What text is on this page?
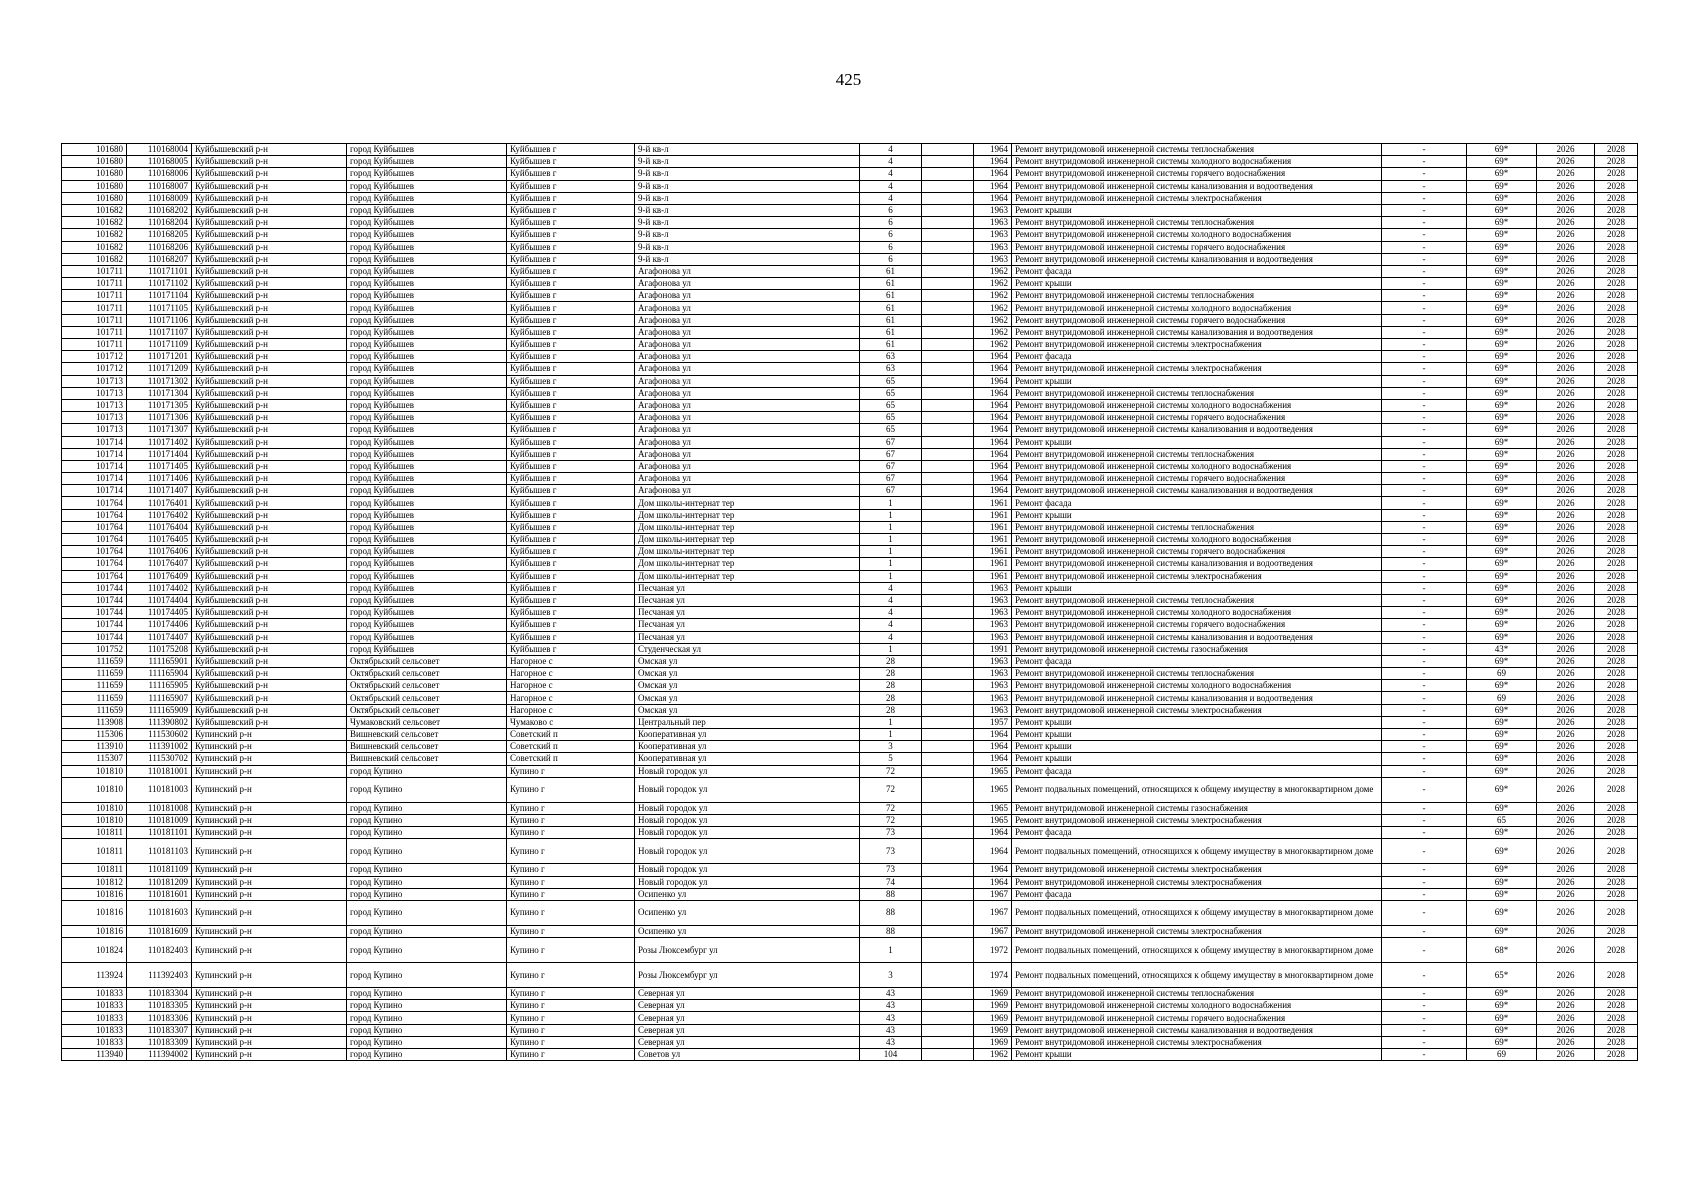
425
101680	110168004	Куйбышевский р-н	город Куйбышев	Куйбышев г	9-й кв-л	4		1964	Ремонт внутридомовой инженерной системы теплоснабжения	-	69*	2026	2028
101680	110168005	Куйбышевский р-н	город Куйбышев	Куйбышев г	9-й кв-л	4		1964	Ремонт внутридомовой инженерной системы холодного водоснабжения	-	69*	2026	2028
101680	110168006	Куйбышевский р-н	город Куйбышев	Куйбышев г	9-й кв-л	4		1964	Ремонт внутридомовой инженерной системы горячего водоснабжения	-	69*	2026	2028
101680	110168007	Куйбышевский р-н	город Куйбышев	Куйбышев г	9-й кв-л	4		1964	Ремонт внутридомовой инженерной системы канализования и водоотведения	-	69*	2026	2028
101680	110168009	Куйбышевский р-н	город Куйбышев	Куйбышев г	9-й кв-л	4		1964	Ремонт внутридомовой инженерной системы электроснабжения	-	69*	2026	2028
101682	110168202	Куйбышевский р-н	город Куйбышев	Куйбышев г	9-й кв-л	6		1963	Ремонт крыши	-	69*	2026	2028
101682	110168204	Куйбышевский р-н	город Куйбышев	Куйбышев г	9-й кв-л	6		1963	Ремонт внутридомовой инженерной системы теплоснабжения	-	69*	2026	2028
101682	110168205	Куйбышевский р-н	город Куйбышев	Куйбышев г	9-й кв-л	6		1963	Ремонт внутридомовой инженерной системы холодного водоснабжения	-	69*	2026	2028
101682	110168206	Куйбышевский р-н	город Куйбышев	Куйбышев г	9-й кв-л	6		1963	Ремонт внутридомовой инженерной системы горячего водоснабжения	-	69*	2026	2028
101682	110168207	Куйбышевский р-н	город Куйбышев	Куйбышев г	9-й кв-л	6		1963	Ремонт внутридомовой инженерной системы канализования и водоотведения	-	69*	2026	2028
101711	110171101	Куйбышевский р-н	город Куйбышев	Куйбышев г	Агафонова ул	61		1962	Ремонт фасада	-	69*	2026	2028
101711	110171102	Куйбышевский р-н	город Куйбышев	Куйбышев г	Агафонова ул	61		1962	Ремонт крыши	-	69*	2026	2028
101711	110171104	Куйбышевский р-н	город Куйбышев	Куйбышев г	Агафонова ул	61		1962	Ремонт внутридомовой инженерной системы теплоснабжения	-	69*	2026	2028
101711	110171105	Куйбышевский р-н	город Куйбышев	Куйбышев г	Агафонова ул	61		1962	Ремонт внутридомовой инженерной системы холодного водоснабжения	-	69*	2026	2028
101711	110171106	Куйбышевский р-н	город Куйбышев	Куйбышев г	Агафонова ул	61		1962	Ремонт внутридомовой инженерной системы горячего водоснабжения	-	69*	2026	2028
101711	110171107	Куйбышевский р-н	город Куйбышев	Куйбышев г	Агафонова ул	61		1962	Ремонт внутридомовой инженерной системы канализования и водоотведения	-	69*	2026	2028
101711	110171109	Куйбышевский р-н	город Куйбышев	Куйбышев г	Агафонова ул	61		1962	Ремонт внутридомовой инженерной системы электроснабжения	-	69*	2026	2028
101712	110171201	Куйбышевский р-н	город Куйбышев	Куйбышев г	Агафонова ул	63		1964	Ремонт фасада	-	69*	2026	2028
101712	110171209	Куйбышевский р-н	город Куйбышев	Куйбышев г	Агафонова ул	63		1964	Ремонт внутридомовой инженерной системы электроснабжения	-	69*	2026	2028
101713	110171302	Куйбышевский р-н	город Куйбышев	Куйбышев г	Агафонова ул	65		1964	Ремонт крыши	-	69*	2026	2028
101713	110171304	Куйбышевский р-н	город Куйбышев	Куйбышев г	Агафонова ул	65		1964	Ремонт внутридомовой инженерной системы теплоснабжения	-	69*	2026	2028
101713	110171305	Куйбышевский р-н	город Куйбышев	Куйбышев г	Агафонова ул	65		1964	Ремонт внутридомовой инженерной системы холодного водоснабжения	-	69*	2026	2028
101713	110171306	Куйбышевский р-н	город Куйбышев	Куйбышев г	Агафонова ул	65		1964	Ремонт внутридомовой инженерной системы горячего водоснабжения	-	69*	2026	2028
101713	110171307	Куйбышевский р-н	город Куйбышев	Куйбышев г	Агафонова ул	65		1964	Ремонт внутридомовой инженерной системы канализования и водоотведения	-	69*	2026	2028
101714	110171402	Куйбышевский р-н	город Куйбышев	Куйбышев г	Агафонова ул	67		1964	Ремонт крыши	-	69*	2026	2028
101714	110171404	Куйбышевский р-н	город Куйбышев	Куйбышев г	Агафонова ул	67		1964	Ремонт внутридомовой инженерной системы теплоснабжения	-	69*	2026	2028
101714	110171405	Куйбышевский р-н	город Куйбышев	Куйбышев г	Агафонова ул	67		1964	Ремонт внутридомовой инженерной системы холодного водоснабжения	-	69*	2026	2028
101714	110171406	Куйбышевский р-н	город Куйбышев	Куйбышев г	Агафонова ул	67		1964	Ремонт внутридомовой инженерной системы горячего водоснабжения	-	69*	2026	2028
101714	110171407	Куйбышевский р-н	город Куйбышев	Куйбышев г	Агафонова ул	67		1964	Ремонт внутридомовой инженерной системы канализования и водоотведения	-	69*	2026	2028
101764	110176401	Куйбышевский р-н	город Куйбышев	Куйбышев г	Дом школы-интернат тер	1		1961	Ремонт фасада	-	69*	2026	2028
101764	110176402	Куйбышевский р-н	город Куйбышев	Куйбышев г	Дом школы-интернат тер	1		1961	Ремонт крыши	-	69*	2026	2028
101764	110176404	Куйбышевский р-н	город Куйбышев	Куйбышев г	Дом школы-интернат тер	1		1961	Ремонт внутридомовой инженерной системы теплоснабжения	-	69*	2026	2028
101764	110176405	Куйбышевский р-н	город Куйбышев	Куйбышев г	Дом школы-интернат тер	1		1961	Ремонт внутридомовой инженерной системы холодного водоснабжения	-	69*	2026	2028
101764	110176406	Куйбышевский р-н	город Куйбышев	Куйбышев г	Дом школы-интернат тер	1		1961	Ремонт внутридомовой инженерной системы горячего водоснабжения	-	69*	2026	2028
101764	110176407	Куйбышевский р-н	город Куйбышев	Куйбышев г	Дом школы-интернат тер	1		1961	Ремонт внутридомовой инженерной системы канализования и водоотведения	-	69*	2026	2028
101764	110176409	Куйбышевский р-н	город Куйбышев	Куйбышев г	Дом школы-интернат тер	1		1961	Ремонт внутридомовой инженерной системы электроснабжения	-	69*	2026	2028
101744	110174402	Куйбышевский р-н	город Куйбышев	Куйбышев г	Песчаная ул	4		1963	Ремонт крыши	-	69*	2026	2028
101744	110174404	Куйбышевский р-н	город Куйбышев	Куйбышев г	Песчаная ул	4		1963	Ремонт внутридомовой инженерной системы теплоснабжения	-	69*	2026	2028
101744	110174405	Куйбышевский р-н	город Куйбышев	Куйбышев г	Песчаная ул	4		1963	Ремонт внутридомовой инженерной системы холодного водоснабжения	-	69*	2026	2028
101744	110174406	Куйбышевский р-н	город Куйбышев	Куйбышев г	Песчаная ул	4		1963	Ремонт внутридомовой инженерной системы горячего водоснабжения	-	69*	2026	2028
101744	110174407	Куйбышевский р-н	город Куйбышев	Куйбышев г	Песчаная ул	4		1963	Ремонт внутридомовой инженерной системы канализования и водоотведения	-	69*	2026	2028
101752	110175208	Куйбышевский р-н	город Куйбышев	Куйбышев г	Студенческая ул	1		1991	Ремонт внутридомовой инженерной системы газоснабжения	-	43*	2026	2028
111659	111165901	Куйбышевский р-н	Октябрьский сельсовет	Нагорное с	Омская ул	28		1963	Ремонт фасада	-	69*	2026	2028
111659	111165904	Куйбышевский р-н	Октябрьский сельсовет	Нагорное с	Омская ул	28		1963	Ремонт внутридомовой инженерной системы теплоснабжения	-	69	2026	2028
111659	111165905	Куйбышевский р-н	Октябрьский сельсовет	Нагорное с	Омская ул	28		1963	Ремонт внутридомовой инженерной системы холодного водоснабжения	-	69*	2026	2028
111659	111165907	Куйбышевский р-н	Октябрьский сельсовет	Нагорное с	Омская ул	28		1963	Ремонт внутридомовой инженерной системы канализования и водоотведения	-	69	2026	2028
111659	111165909	Куйбышевский р-н	Октябрьский сельсовет	Нагорное с	Омская ул	28		1963	Ремонт внутридомовой инженерной системы электроснабжения	-	69*	2026	2028
113908	111390802	Куйбышевский р-н	Чумаковский сельсовет	Чумаково с	Центральный пер	1		1957	Ремонт крыши	-	69*	2026	2028
115306	111530602	Купинский р-н	Вишневский сельсовет	Советский п	Кооперативная ул	1		1964	Ремонт крыши	-	69*	2026	2028
113910	111391002	Купинский р-н	Вишневский сельсовет	Советский п	Кооперативная ул	3		1964	Ремонт крыши	-	69*	2026	2028
115307	111530702	Купинский р-н	Вишневский сельсовет	Советский п	Кооперативная ул	5		1964	Ремонт крыши	-	69*	2026	2028
101810	110181001	Купинский р-н	город Купино	Купино г	Новый городок ул	72		1965	Ремонт фасада	-	69*	2026	2028
101810	110181003	Купинский р-н	город Купино	Купино г	Новый городок ул	72		1965	Ремонт подвальных помещений, относящихся к общему имуществу в многоквартирном доме	-	69*	2026	2028
101810	110181008	Купинский р-н	город Купино	Купино г	Новый городок ул	72		1965	Ремонт внутридомовой инженерной системы газоснабжения	-	69*	2026	2028
101810	110181009	Купинский р-н	город Купино	Купино г	Новый городок ул	72		1965	Ремонт внутридомовой инженерной системы электроснабжения	-	65	2026	2028
101811	110181101	Купинский р-н	город Купино	Купино г	Новый городок ул	73		1964	Ремонт фасада	-	69*	2026	2028
101811	110181103	Купинский р-н	город Купино	Купино г	Новый городок ул	73		1964	Ремонт подвальных помещений, относящихся к общему имуществу в многоквартирном доме	-	69*	2026	2028
101811	110181109	Купинский р-н	город Купино	Купино г	Новый городок ул	73		1964	Ремонт внутридомовой инженерной системы электроснабжения	-	69*	2026	2028
101812	110181209	Купинский р-н	город Купино	Купино г	Новый городок ул	74		1964	Ремонт внутридомовой инженерной системы электроснабжения	-	69*	2026	2028
101816	110181601	Купинский р-н	город Купино	Купино г	Осипенко ул	88		1967	Ремонт фасада	-	69*	2026	2028
101816	110181603	Купинский р-н	город Купино	Купино г	Осипенко ул	88		1967	Ремонт подвальных помещений, относящихся к общему имуществу в многоквартирном доме	-	69*	2026	2028
101816	110181609	Купинский р-н	город Купино	Купино г	Осипенко ул	88		1967	Ремонт внутридомовой инженерной системы электроснабжения	-	69*	2026	2028
101824	110182403	Купинский р-н	город Купино	Купино г	Розы Люксембург ул	1		1972	Ремонт подвальных помещений, относящихся к общему имуществу в многоквартирном доме	-	68*	2026	2028
113924	111392403	Купинский р-н	город Купино	Купино г	Розы Люксембург ул	3		1974	Ремонт подвальных помещений, относящихся к общему имуществу в многоквартирном доме	-	65*	2026	2028
101833	110183304	Купинский р-н	город Купино	Купино г	Северная ул	43		1969	Ремонт внутридомовой инженерной системы теплоснабжения	-	69*	2026	2028
101833	110183305	Купинский р-н	город Купино	Купино г	Северная ул	43		1969	Ремонт внутридомовой инженерной системы холодного водоснабжения	-	69*	2026	2028
101833	110183306	Купинский р-н	город Купино	Купино г	Северная ул	43		1969	Ремонт внутридомовой инженерной системы горячего водоснабжения	-	69*	2026	2028
101833	110183307	Купинский р-н	город Купино	Купино г	Северная ул	43		1969	Ремонт внутридомовой инженерной системы канализования и водоотведения	-	69*	2026	2028
101833	110183309	Купинский р-н	город Купино	Купино г	Северная ул	43		1969	Ремонт внутридомовой инженерной системы электроснабжения	-	69*	2026	2028
113940	111394002	Купинский р-н	город Купино	Купино г	Советов ул	104		1962	Ремонт крыши	-	69	2026	2028
